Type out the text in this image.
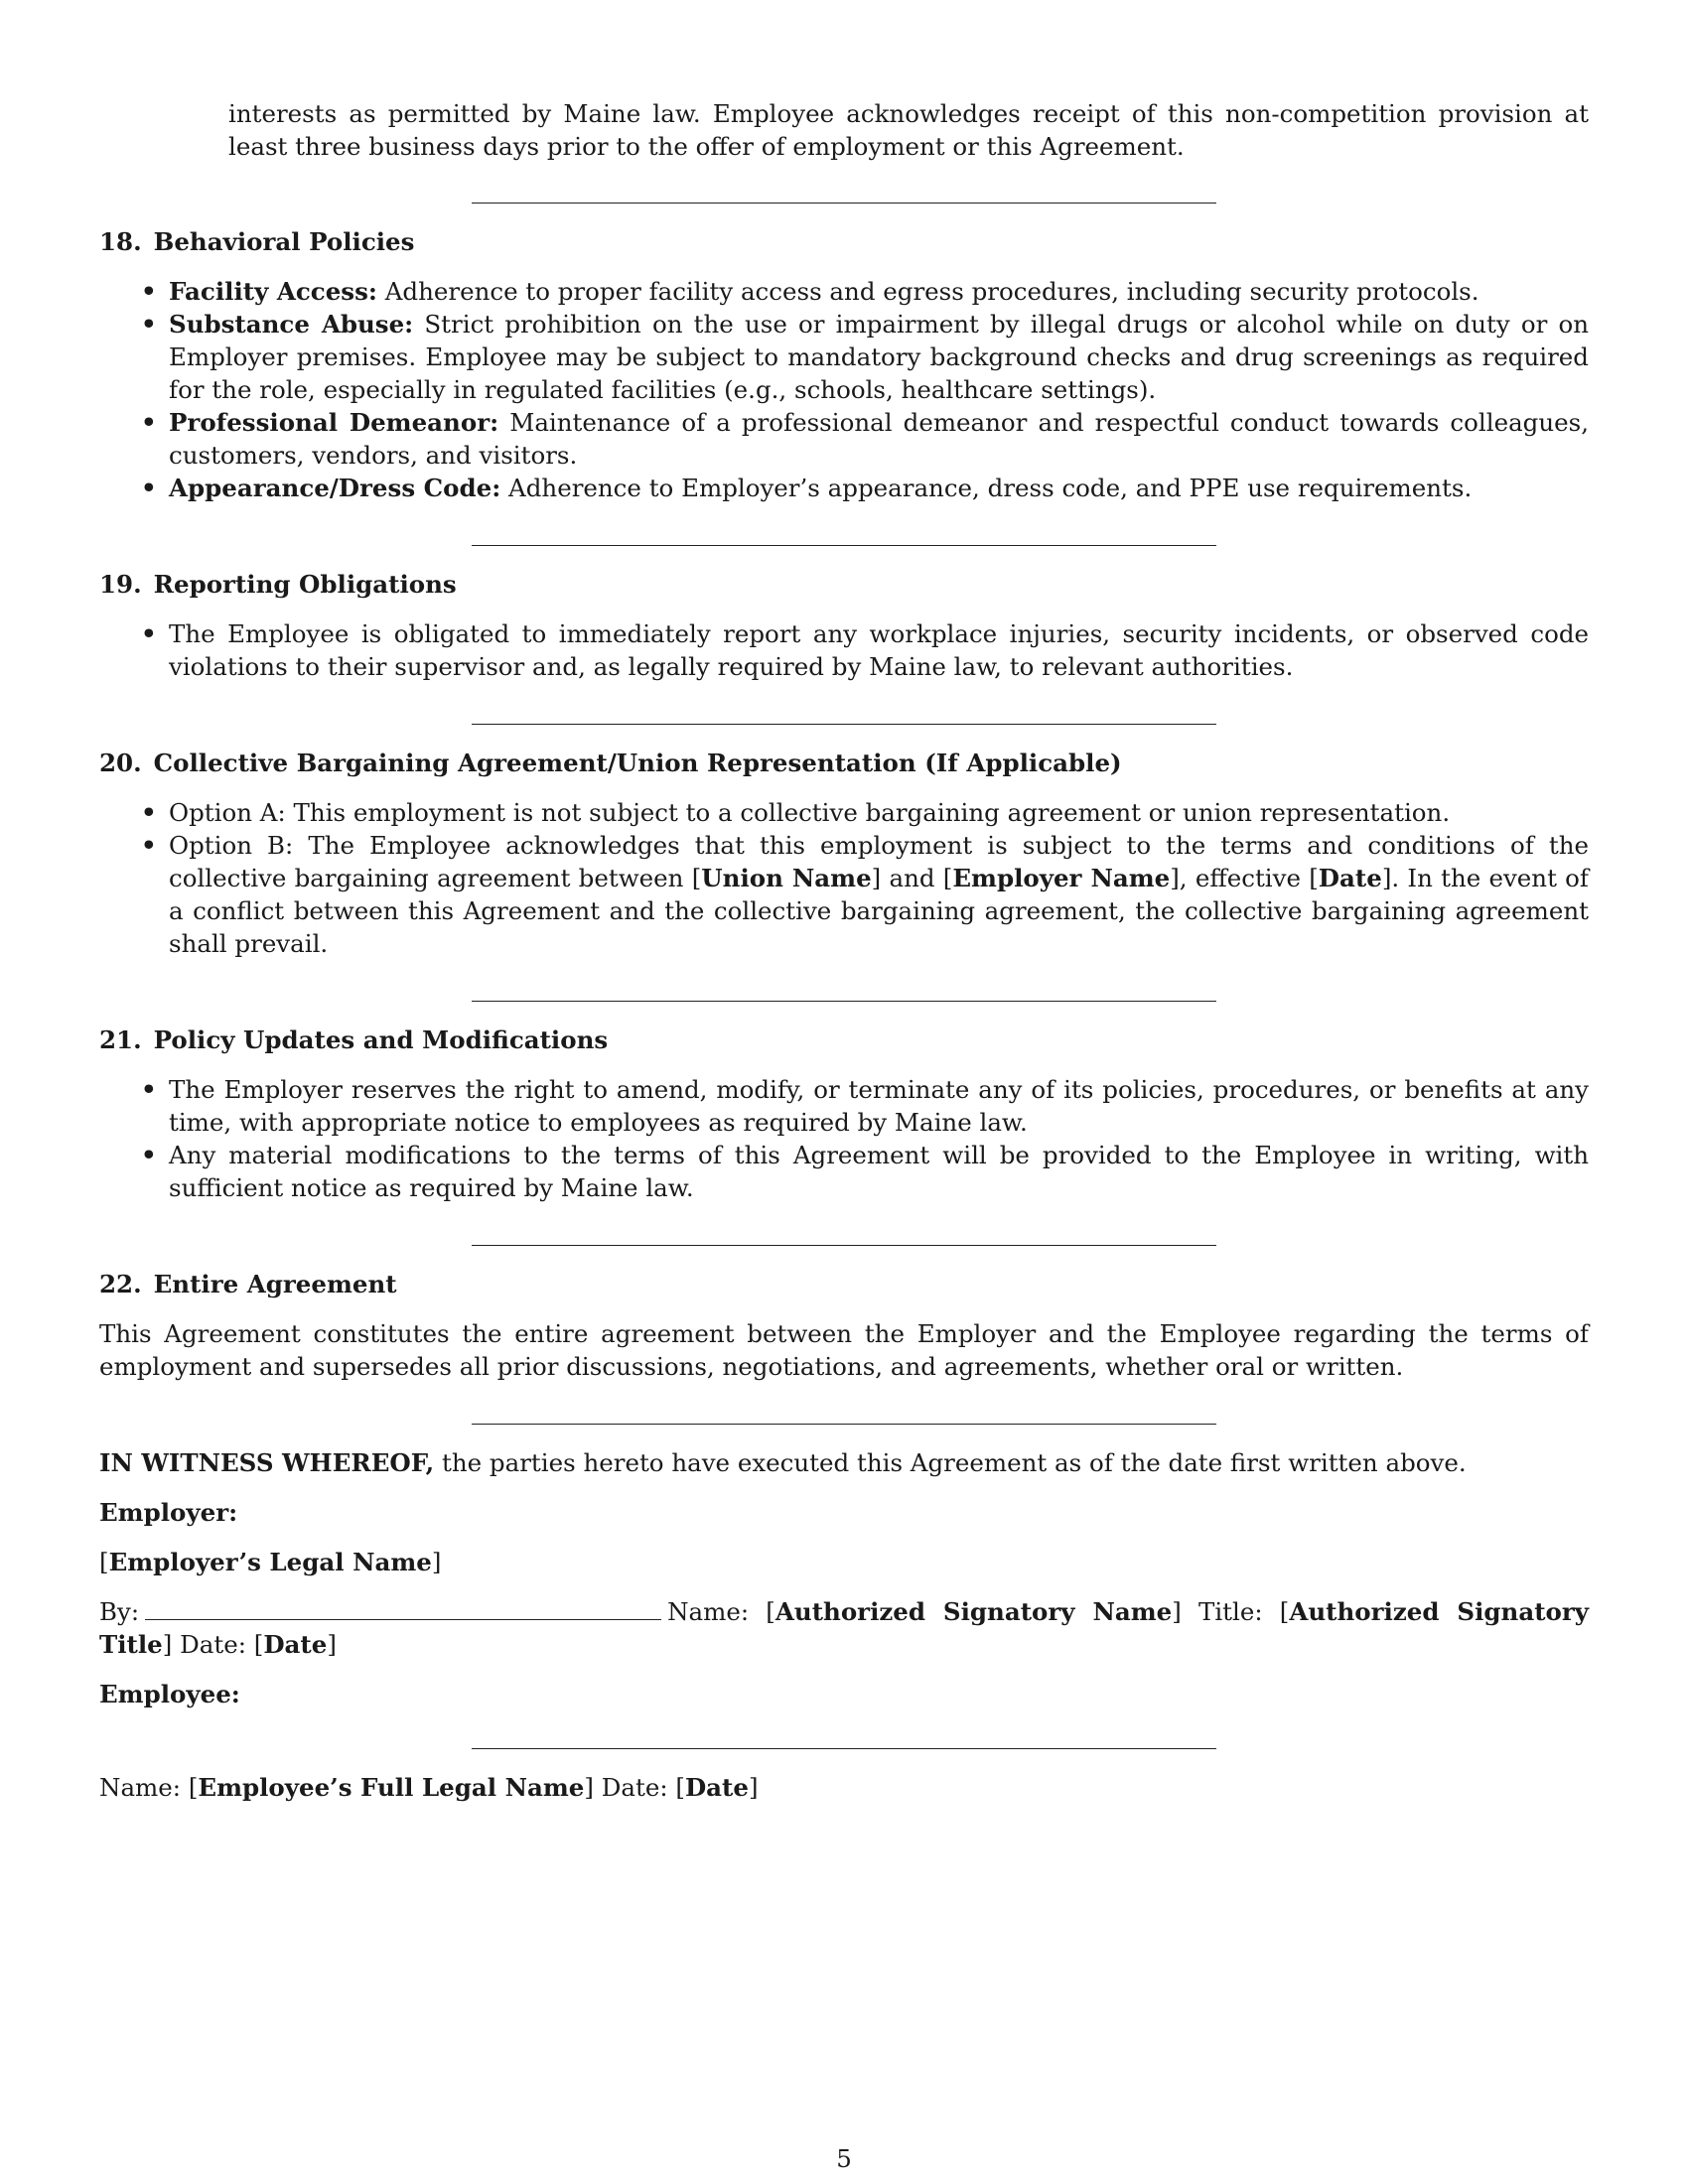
interests as permitted by Maine law. Employee acknowledges receipt of this non-competition provision at least three business days prior to the offer of employment or this Agreement.

18. Behavioral Policies
• Facility Access: Adherence to proper facility access and egress procedures, including security protocols.
• Substance Abuse: Strict prohibition on the use or impairment by illegal drugs or alcohol while on duty or on Employer premises. Employee may be subject to mandatory background checks and drug screenings as required for the role, especially in regulated facilities (e.g., schools, healthcare settings).
• Professional Demeanor: Maintenance of a professional demeanor and respectful conduct towards colleagues, customers, vendors, and visitors.
• Appearance/Dress Code: Adherence to Employer’s appearance, dress code, and PPE use requirements.
19. Reporting Obligations
• The Employee is obligated to immediately report any workplace injuries, security incidents, or observed code violations to their supervisor and, as legally required by Maine law, to relevant authorities.
20. Collective Bargaining Agreement/Union Representation (If Applicable)
• Option A: This employment is not subject to a collective bargaining agreement or union representation.
• Option B: The Employee acknowledges that this employment is subject to the terms and conditions of the collective bargaining agreement between [Union Name] and [Employer Name], effective [Date]. In the event of a conflict between this Agreement and the collective bargaining agreement, the collective bargaining agreement shall prevail.
21. Policy Updates and Modifications
• The Employer reserves the right to amend, modify, or terminate any of its policies, procedures, or benefits at any time, with appropriate notice to employees as required by Maine law.
• Any material modifications to the terms of this Agreement will be provided to the Employee in writing, with sufficient notice as required by Maine law.
22. Entire Agreement

This Agreement constitutes the entire agreement between the Employer and the Employee regarding the terms of employment and supersedes all prior discussions, negotiations, and agreements, whether oral or written.

IN WITNESS WHEREOF, the parties hereto have executed this Agreement as of the date first written above.

Employer:

[Employer’s Legal Name]

By:	Name: [Authorized Signatory Name] Title: [Authorized Signatory Title] Date: [Date]

Employee:

Name: [Employee’s Full Legal Name] Date: [Date]

5
